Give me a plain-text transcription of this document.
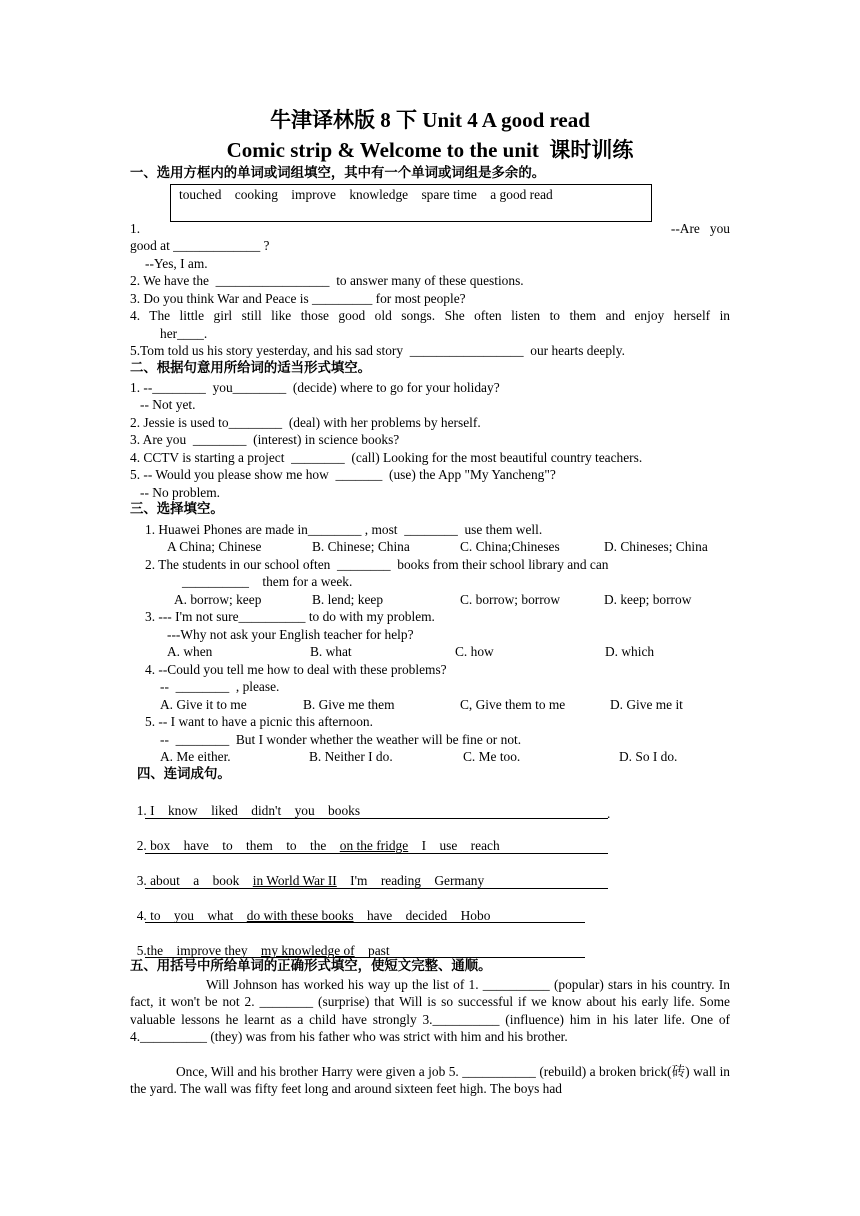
牛津译林版 8 下 Unit 4 A good read
Comic strip & Welcome to the unit  课时训练
一、选用方框内的单词或词组填空，其中有一个单词或词组是多余的。
touched    cooking    improve    knowledge    spare time    a good read
1.	--Are   you
good at _____________ ?
--Yes, I am.
2. We have the  _________________  to answer many of these questions.
3. Do you think War and Peace is _________ for most people?
4. The little girl still like those good old songs. She often listen to them and enjoy herself in
her____.
5.Tom told us his story yesterday, and his sad story  _________________  our hearts deeply.
二、根据句意用所给词的适当形式填空。
1. --________  you________  (decide) where to go for your holiday?
-- Not yet.
2. Jessie is used to________  (deal) with her problems by herself.
3. Are you  ________  (interest) in science books?
4. CCTV is starting a project  ________  (call) Looking for the most beautiful country teachers.
5. -- Would you please show me how  _______  (use) the App "My Yancheng"?
-- No problem.
三、选择填空。
1. Huawei Phones are made in________ , most  ________  use them well.
A China; Chinese	B. Chinese; China	C. China;Chineses	D. Chineses; China
2. The students in our school often  ________  books from their school library and can
__________    them for a week.
A. borrow; keep	B. lend; keep	C. borrow; borrow	D. keep; borrow
3. --- I'm not sure__________ to do with my problem.
---Why not ask your English teacher for help?
A. when	B. what	C. how	D. which
4. --Could you tell me how to deal with these problems?
--  ________  , please.
A. Give it to me	B. Give me them	C, Give them to me	D. Give me it
5. -- I want to have a picnic this afternoon.
--  ________  But I wonder whether the weather will be fine or not.
A. Me either.	B. Neither I do.	C. Me too.	D. So I do.
四、连词成句。

1. I    know    liked    didn't    you    books	.

2. box    have    to    them    to    the    on the fridge    I    use    reach

3. about    a    book    in World War II    I'm    reading    Germany

4. to    you    what    do with these books    have    decided    Hobo

5.the    improve they    my knowledge of    past

五、用括号中所给单词的正确形式填空，使短文完整、通顺。
Will Johnson has worked his way up the list of 1. __________ (popular) stars in his country. In fact, it won't be not 2. ________ (surprise) that Will is so successful if we know about his early life. Some valuable lessons he learnt as a child have strongly 3.__________ (influence) him in his later life. One of 4.__________ (they) was from his father who was strict with him and his brother.
Once, Will and his brother Harry were given a job 5. ___________ (rebuild) a broken brick(砖) wall in the yard. The wall was fifty feet long and around sixteen feet high. The boys had
